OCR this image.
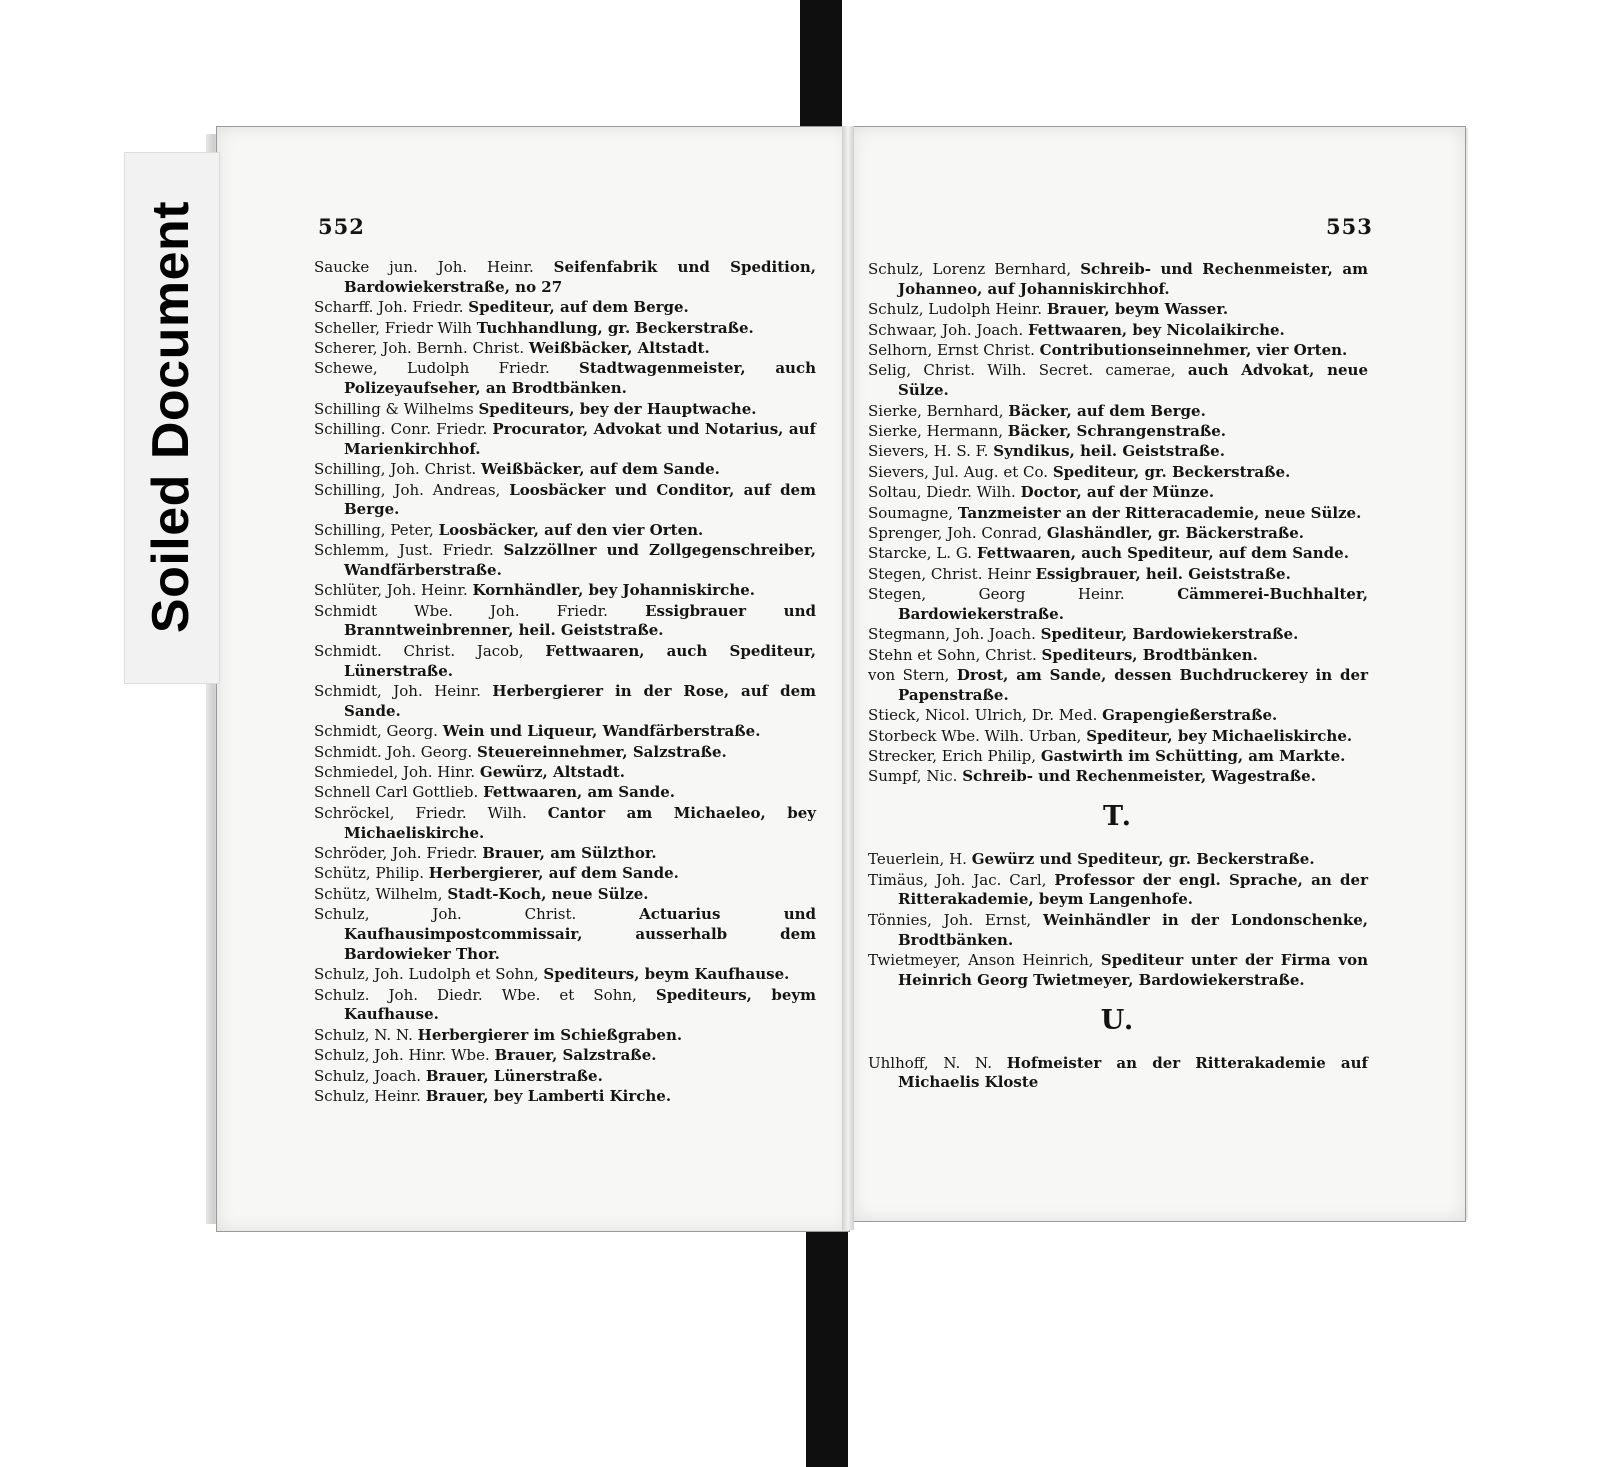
Soiled Document	552	553

Saucke jun. Joh. Heinr. Seifenfabrik und Spedition, Bardowiekerstraße, no 27

Scharff. Joh. Friedr. Spediteur, auf dem Berge.

Scheller, Friedr Wilh Tuchhandlung, gr. Beckerstraße.

Scherer, Joh. Bernh. Christ. Weißbäcker, Altstadt.

Schewe, Ludolph Friedr. Stadtwagenmeister, auch Polizeyaufseher, an Brodtbänken.

Schilling & Wilhelms Spediteurs, bey der Hauptwache.

Schilling. Conr. Friedr. Procurator, Advokat und Notarius, auf Marienkirchhof.

Schilling, Joh. Christ. Weißbäcker, auf dem Sande.

Schilling, Joh. Andreas, Loosbäcker und Conditor, auf dem Berge.

Schilling, Peter, Loosbäcker, auf den vier Orten.

Schlemm, Just. Friedr. Salzzöllner und Zollgegenschreiber, Wandfärberstraße.

Schlüter, Joh. Heinr. Kornhändler, bey Johanniskirche.

Schmidt Wbe. Joh. Friedr. Essigbrauer und Branntweinbrenner, heil. Geiststraße.

Schmidt. Christ. Jacob, Fettwaaren, auch Spediteur, Lünerstraße.

Schmidt, Joh. Heinr. Herbergierer in der Rose, auf dem Sande.

Schmidt, Georg. Wein und Liqueur, Wandfärberstraße.

Schmidt. Joh. Georg. Steuereinnehmer, Salzstraße.

Schmiedel, Joh. Hinr. Gewürz, Altstadt.

Schnell Carl Gottlieb. Fettwaaren, am Sande.

Schröckel, Friedr. Wilh. Cantor am Michaeleo, bey Michaeliskirche.

Schröder, Joh. Friedr. Brauer, am Sülzthor.

Schütz, Philip. Herbergierer, auf dem Sande.

Schütz, Wilhelm, Stadt-Koch, neue Sülze.

Schulz, Joh. Christ.	Actuarius und Kaufhausimpostcommissair, ausserhalb dem Bardowieker Thor.

Schulz, Joh. Ludolph et Sohn, Spediteurs, beym Kaufhause.

Schulz. Joh. Diedr. Wbe. et Sohn, Spediteurs, beym Kaufhause.

Schulz, N. N. Herbergierer im Schießgraben.

Schulz, Joh. Hinr. Wbe. Brauer, Salzstraße.

Schulz, Joach. Brauer, Lünerstraße.

Schulz, Heinr. Brauer, bey Lamberti Kirche.

Schulz, Lorenz Bernhard, Schreib- und Rechenmeister, am Johanneo, auf Johanniskirchhof.

Schulz, Ludolph Heinr. Brauer, beym Wasser.

Schwaar, Joh. Joach. Fettwaaren, bey Nicolaikirche.

Selhorn, Ernst Christ. Contributionseinnehmer, vier Orten.

Selig, Christ. Wilh. Secret. camerae, auch Advokat, neue Sülze.

Sierke, Bernhard, Bäcker, auf dem Berge.

Sierke, Hermann, Bäcker, Schrangenstraße.

Sievers, H. S. F. Syndikus, heil. Geiststraße.

Sievers, Jul. Aug. et Co. Spediteur, gr. Beckerstraße.

Soltau, Diedr. Wilh. Doctor, auf der Münze.

Soumagne, Tanzmeister an der Ritteracademie, neue Sülze.

Sprenger, Joh. Conrad, Glashändler, gr. Bäckerstraße.

Starcke, L. G. Fettwaaren, auch Spediteur, auf dem Sande.

Stegen, Christ. Heinr Essigbrauer, heil. Geiststraße.

Stegen, Georg Heinr.	Cämmerei-Buchhalter, Bardowiekerstraße.

Stegmann, Joh. Joach. Spediteur, Bardowiekerstraße.

Stehn et Sohn, Christ. Spediteurs, Brodtbänken.

von Stern, Drost, am Sande, dessen Buchdruckerey in der Papenstraße.

Stieck, Nicol. Ulrich, Dr. Med. Grapengießerstraße.

Storbeck Wbe. Wilh. Urban, Spediteur, bey Michaeliskirche.

Strecker, Erich Philip, Gastwirth im Schütting, am Markte.

Sumpf, Nic. Schreib- und Rechenmeister, Wagestraße.

T.

Teuerlein, H. Gewürz und Spediteur, gr. Beckerstraße.

Timäus, Joh. Jac. Carl, Professor der engl. Sprache, an der Ritterakademie, beym Langenhofe.

Tönnies, Joh. Ernst, Weinhändler in der Londonschenke, Brodtbänken.

Twietmeyer, Anson Heinrich, Spediteur unter der Firma von Heinrich Georg Twietmeyer, Bardowiekerstraße.

U.

Uhlhoff, N. N. Hofmeister an der Ritterakademie auf Michaelis Kloste
